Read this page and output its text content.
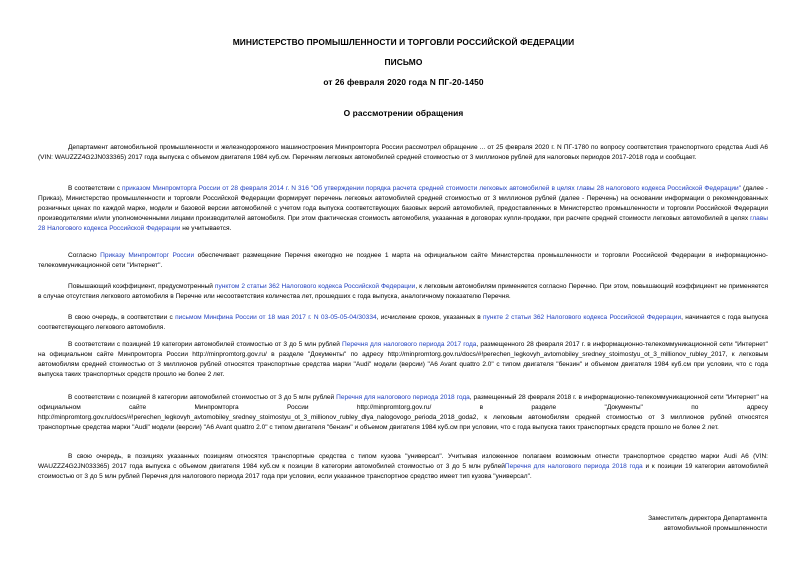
МИНИСТЕРСТВО ПРОМЫШЛЕННОСТИ И ТОРГОВЛИ РОССИЙСКОЙ ФЕДЕРАЦИИ
ПИСЬМО
от 26 февраля 2020 года N ПГ-20-1450
О рассмотрении обращения

Департамент автомобильной промышленности и железнодорожного машиностроения Минпромторга России рассмотрел обращение ... от 25 февраля 2020 г. N ПГ-1780 по вопросу соответствия транспортного средства Audi A6 (VIN: WAUZZZ4G2JN033365) 2017 года выпуска с объемом двигателя 1984 куб.см. Перечням легковых автомобилей средней стоимостью от 3 миллионов рублей для налоговых периодов 2017-2018 года и сообщает.

В соответствии с приказом Минпромторга России от 28 февраля 2014 г. N 316 "Об утверждении порядка расчета средней стоимости легковых автомобилей в целях главы 28 налогового кодекса Российской Федерации" (далее - Приказ), Министерство промышленности и торговли Российской Федерации формирует перечень легковых автомобилей средней стоимостью от 3 миллионов рублей (далее - Перечень) на основании информации о рекомендованных розничных ценах по каждой марке, модели и базовой версии автомобилей с учетом года выпуска соответствующих базовых версий автомобилей, предоставленных в Министерство промышленности и торговли Российской Федерации производителями и/или уполномоченными лицами производителей автомобиля. При этом фактическая стоимость автомобиля, указанная в договорах купли-продажи, при расчете средней стоимости легковых автомобилей в целях главы 28 Налогового кодекса Российской Федерации не учитывается.

Согласно Приказу Минпромторг России обеспечивает размещение Перечня ежегодно не позднее 1 марта на официальном сайте Министерства промышленности и торговли Российской Федерации в информационно-телекоммуникационной сети "Интернет".

Повышающий коэффициент, предусмотренный пунктом 2 статьи 362 Налогового кодекса Российской Федерации, к легковым автомобилям применяется согласно Перечню. При этом, повышающий коэффициент не применяется в случае отсутствия легкового автомобиля в Перечне или несоответствия количества лет, прошедших с года выпуска, аналогичному показателю Перечня.

В свою очередь, в соответствии с письмом Минфина России от 18 мая 2017 г. N 03-05-05-04/30334, исчисление сроков, указанных в пункте 2 статьи 362 Налогового кодекса Российской Федерации, начинается с года выпуска соответствующего легкового автомобиля.

В соответствии с позицией 19 категории автомобилей стоимостью от 3 до 5 млн рублей Перечня для налогового периода 2017 года, размещенного 28 февраля 2017 г. в информационно-телекоммуникационной сети "Интернет" на официальном сайте Минпромторга России http://minpromtorg.gov.ru/ в разделе "Документы" по адресу http://minpromtorg.gov.ru/docs/#!perechen_legkovyh_avtomobiley_sredney_stoimostyu_ot_3_millionov_rubley_2017, к легковым автомобилям средней стоимостью от 3 миллионов рублей относятся транспортные средства марки "Audi" модели (версии) "A6 Avant quattro 2.0" с типом двигателя "бензин" и объемом двигателя 1984 куб.см при условии, что с года выпуска таких транспортных средств прошло не более 2 лет.

В соответствии с позицией 8 категории автомобилей стоимостью от 3 до 5 млн рублей Перечня для налогового периода 2018 года, размещенный 28 февраля 2018 г. в информационно-телекоммуникационной сети "Интернет" на официальном сайте Минпромторга России http://minpromtorg.gov.ru/ в разделе "Документы" по адресу http://minpromtorg.gov.ru/docs/#!perechen_legkovyh_avtomobiley_sredney_stoimostyu_ot_3_millionov_rubley_dlya_nalogovogo_perioda_2018_goda2, к легковым автомобилям средней стоимостью от 3 миллионов рублей относятся транспортные средства марки "Audi" модели (версии) "A6 Avant quattro 2.0" с типом двигателя "бензин" и объемом двигателя 1984 куб.см при условии, что с года выпуска таких транспортных средств прошло не более 2 лет.

В свою очередь, в позициях указанных позициям относятся транспортные средства с типом кузова "универсал". Учитывая изложенное полагаем возможным отнести транспортное средство марки Audi A6 (VIN: WAUZZZ4G2JN033365) 2017 года выпуска с объемом двигателя 1984 куб.см к позиции 8 категории автомобилей стоимостью от 3 до 5 млн рублейПеречня для налогового периода 2018 года и к позиции 19 категории автомобилей стоимостью от 3 до 5 млн рублей Перечня для налогового периода 2017 года при условии, если указанное транспортное средство имеет тип кузова "универсал".

Заместитель директора Департамента
автомобильной промышленности
